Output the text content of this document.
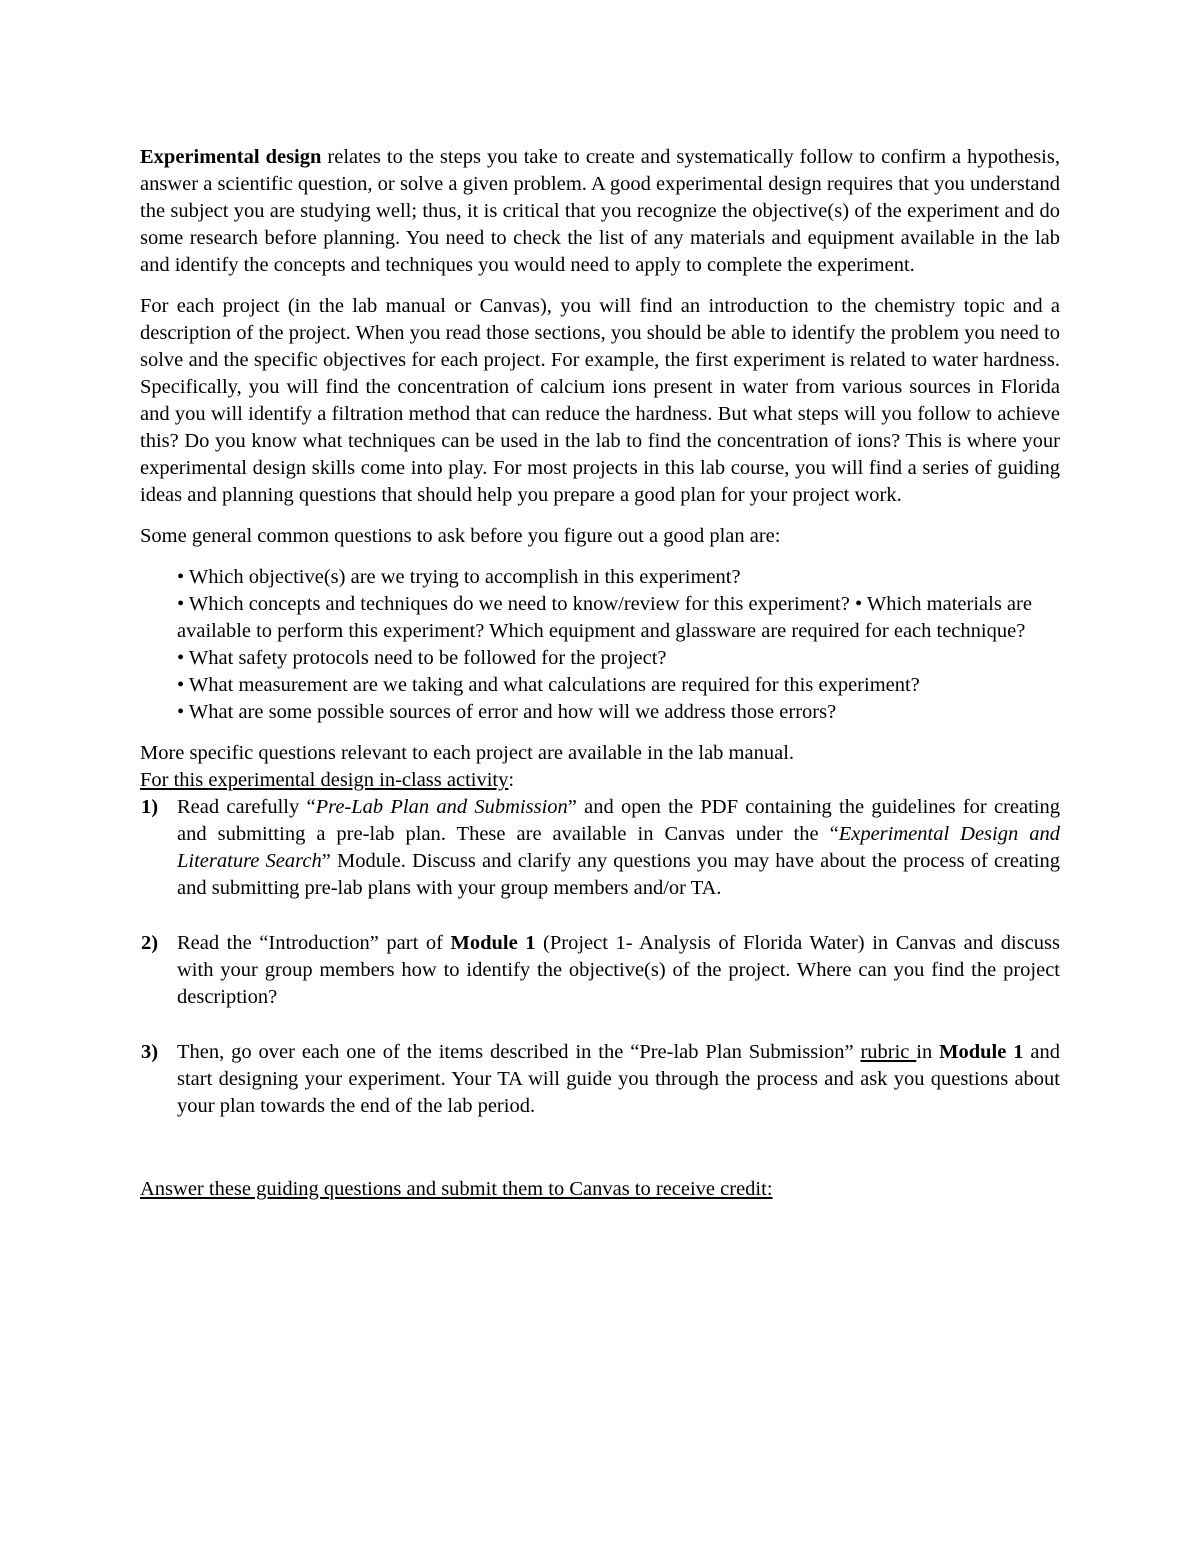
Experimental design relates to the steps you take to create and systematically follow to confirm a hypothesis, answer a scientific question, or solve a given problem. A good experimental design requires that you understand the subject you are studying well; thus, it is critical that you recognize the objective(s) of the experiment and do some research before planning. You need to check the list of any materials and equipment available in the lab and identify the concepts and techniques you would need to apply to complete the experiment.

For each project (in the lab manual or Canvas), you will find an introduction to the chemistry topic and a description of the project. When you read those sections, you should be able to identify the problem you need to solve and the specific objectives for each project. For example, the first experiment is related to water hardness. Specifically, you will find the concentration of calcium ions present in water from various sources in Florida and you will identify a filtration method that can reduce the hardness. But what steps will you follow to achieve this? Do you know what techniques can be used in the lab to find the concentration of ions? This is where your experimental design skills come into play. For most projects in this lab course, you will find a series of guiding ideas and planning questions that should help you prepare a good plan for your project work.

Some general common questions to ask before you figure out a good plan are:

• Which objective(s) are we trying to accomplish in this experiment?
• Which concepts and techniques do we need to know/review for this experiment? • Which materials are available to perform this experiment? Which equipment and glassware are required for each technique?
• What safety protocols need to be followed for the project?
• What measurement are we taking and what calculations are required for this experiment?
• What are some possible sources of error and how will we address those errors?

More specific questions relevant to each project are available in the lab manual. For this experimental design in-class activity:

1) Read carefully “Pre-Lab Plan and Submission” and open the PDF containing the guidelines for creating and submitting a pre-lab plan. These are available in Canvas under the “Experimental Design and Literature Search” Module. Discuss and clarify any questions you may have about the process of creating and submitting pre-lab plans with your group members and/or TA.
2) Read the “Introduction” part of Module 1 (Project 1- Analysis of Florida Water) in Canvas and discuss with your group members how to identify the objective(s) of the project. Where can you find the project description?
3) Then, go over each one of the items described in the “Pre-lab Plan Submission” rubric in Module 1 and start designing your experiment. Your TA will guide you through the process and ask you questions about your plan towards the end of the lab period.

Answer these guiding questions and submit them to Canvas to receive credit:
